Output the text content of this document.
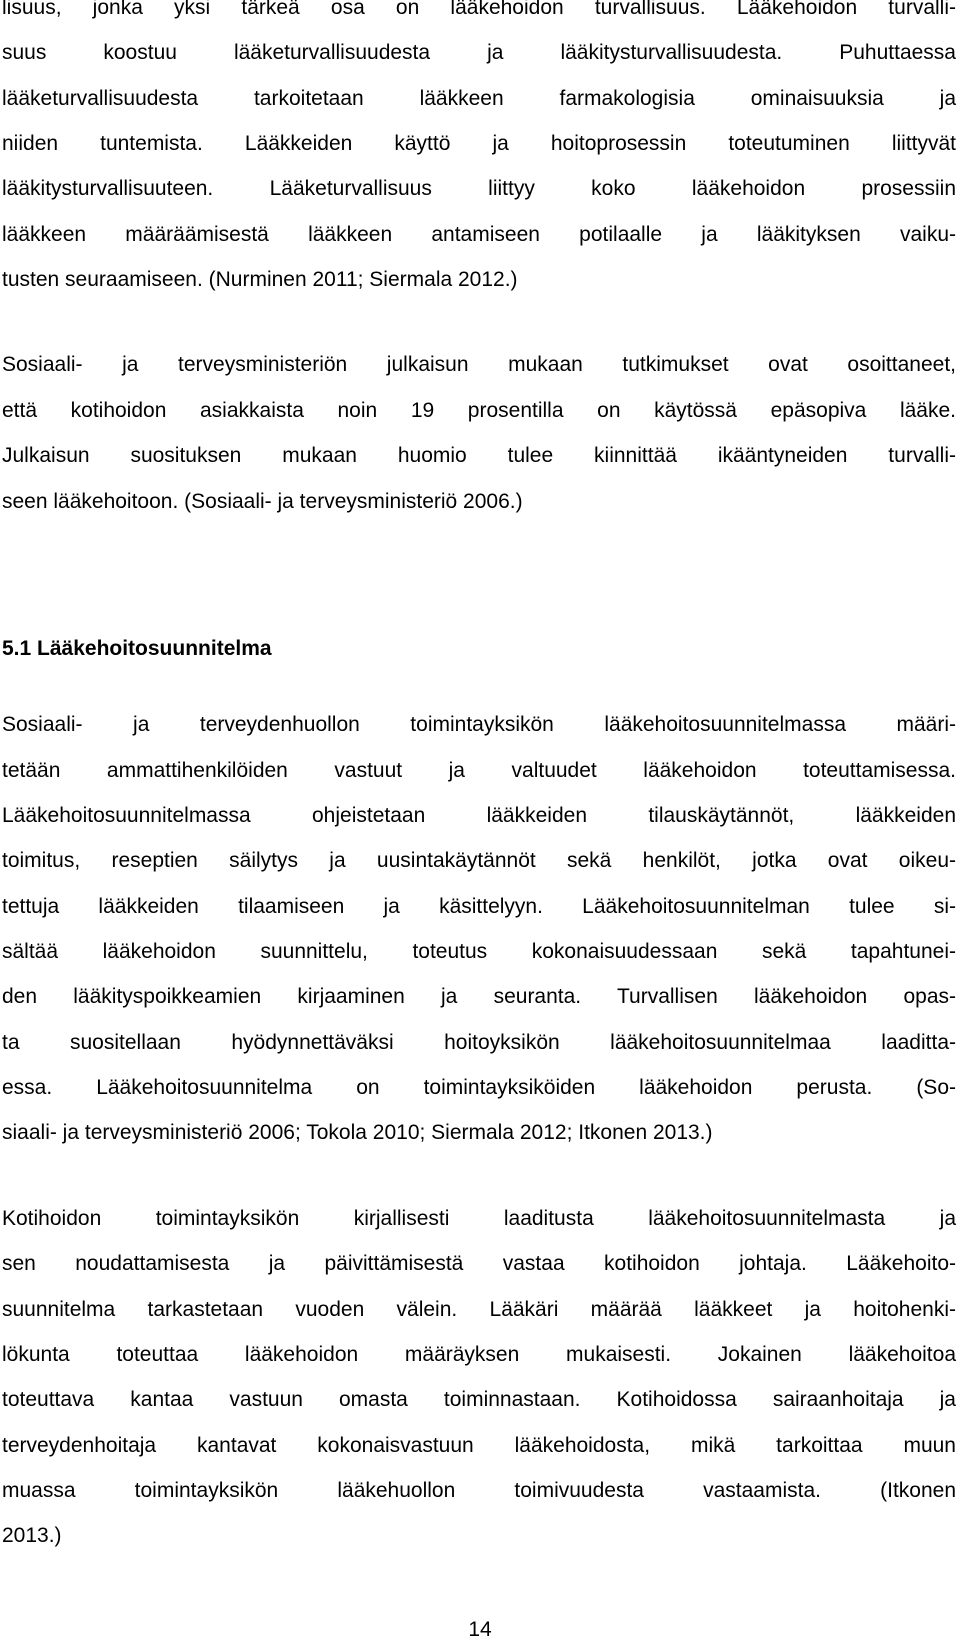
lisuus, jonka yksi tärkeä osa on lääkehoidon turvallisuus. Lääkehoidon turvalli-
suus koostuu lääketurvallisuudesta ja lääkitysturvallisuudesta. Puhuttaessa
lääketurvallisuudesta tarkoitetaan lääkkeen farmakologisia ominaisuuksia ja
niiden tuntemista. Lääkkeiden käyttö ja hoitoprosessin toteutuminen liittyvät
lääkitysturvallisuuteen. Lääketurvallisuus liittyy koko lääkehoidon prosessiin
lääkkeen määräämisestä lääkkeen antamiseen potilaalle ja lääkityksen vaiku-
tusten seuraamiseen. (Nurminen 2011; Siermala 2012.)
Sosiaali- ja terveysministeriön julkaisun mukaan tutkimukset ovat osoittaneet,
että kotihoidon asiakkaista noin 19 prosentilla on käytössä epäsopiva lääke.
Julkaisun suosituksen mukaan huomio tulee kiinnittää ikääntyneiden turvalli-
seen lääkehoitoon. (Sosiaali- ja terveysministeriö 2006.)
5.1 Lääkehoitosuunnitelma
Sosiaali- ja terveydenhuollon toimintayksikön lääkehoitosuunnitelmassa määri-
tetään ammattihenkilöiden vastuut ja valtuudet lääkehoidon toteuttamisessa.
Lääkehoitosuunnitelmassa ohjeistetaan lääkkeiden tilauskäytännöt, lääkkeiden
toimitus, reseptien säilytys ja uusintakäytännöt sekä henkilöt, jotka ovat oikeu-
tettuja lääkkeiden tilaamiseen ja käsittelyyn. Lääkehoitosuunnitelman tulee si-
sältää lääkehoidon suunnittelu, toteutus kokonaisuudessaan sekä tapahtunei-
den lääkityspoikkeamien kirjaaminen ja seuranta. Turvallisen lääkehoidon opas-
ta suositellaan hyödynnettäväksi hoitoyksikön lääkehoitosuunnitelmaa laaditta-
essa. Lääkehoitosuunnitelma on toimintayksiköiden lääkehoidon perusta. (So-
siaali- ja terveysministeriö 2006; Tokola 2010; Siermala 2012; Itkonen 2013.)
Kotihoidon toimintayksikön kirjallisesti laaditusta lääkehoitosuunnitelmasta ja
sen noudattamisesta ja päivittämisestä vastaa kotihoidon johtaja. Lääkehoito-
suunnitelma tarkastetaan vuoden välein. Lääkäri määrää lääkkeet ja hoitohenki-
lökunta toteuttaa lääkehoidon määräyksen mukaisesti. Jokainen lääkehoitoa
toteuttava kantaa vastuun omasta toiminnastaan. Kotihoidossa sairaanhoitaja ja
terveydenhoitaja kantavat kokonaisvastuun lääkehoidosta, mikä tarkoittaa muun
muassa toimintayksikön lääkehuollon toimivuudesta vastaamista. (Itkonen
2013.)
14
